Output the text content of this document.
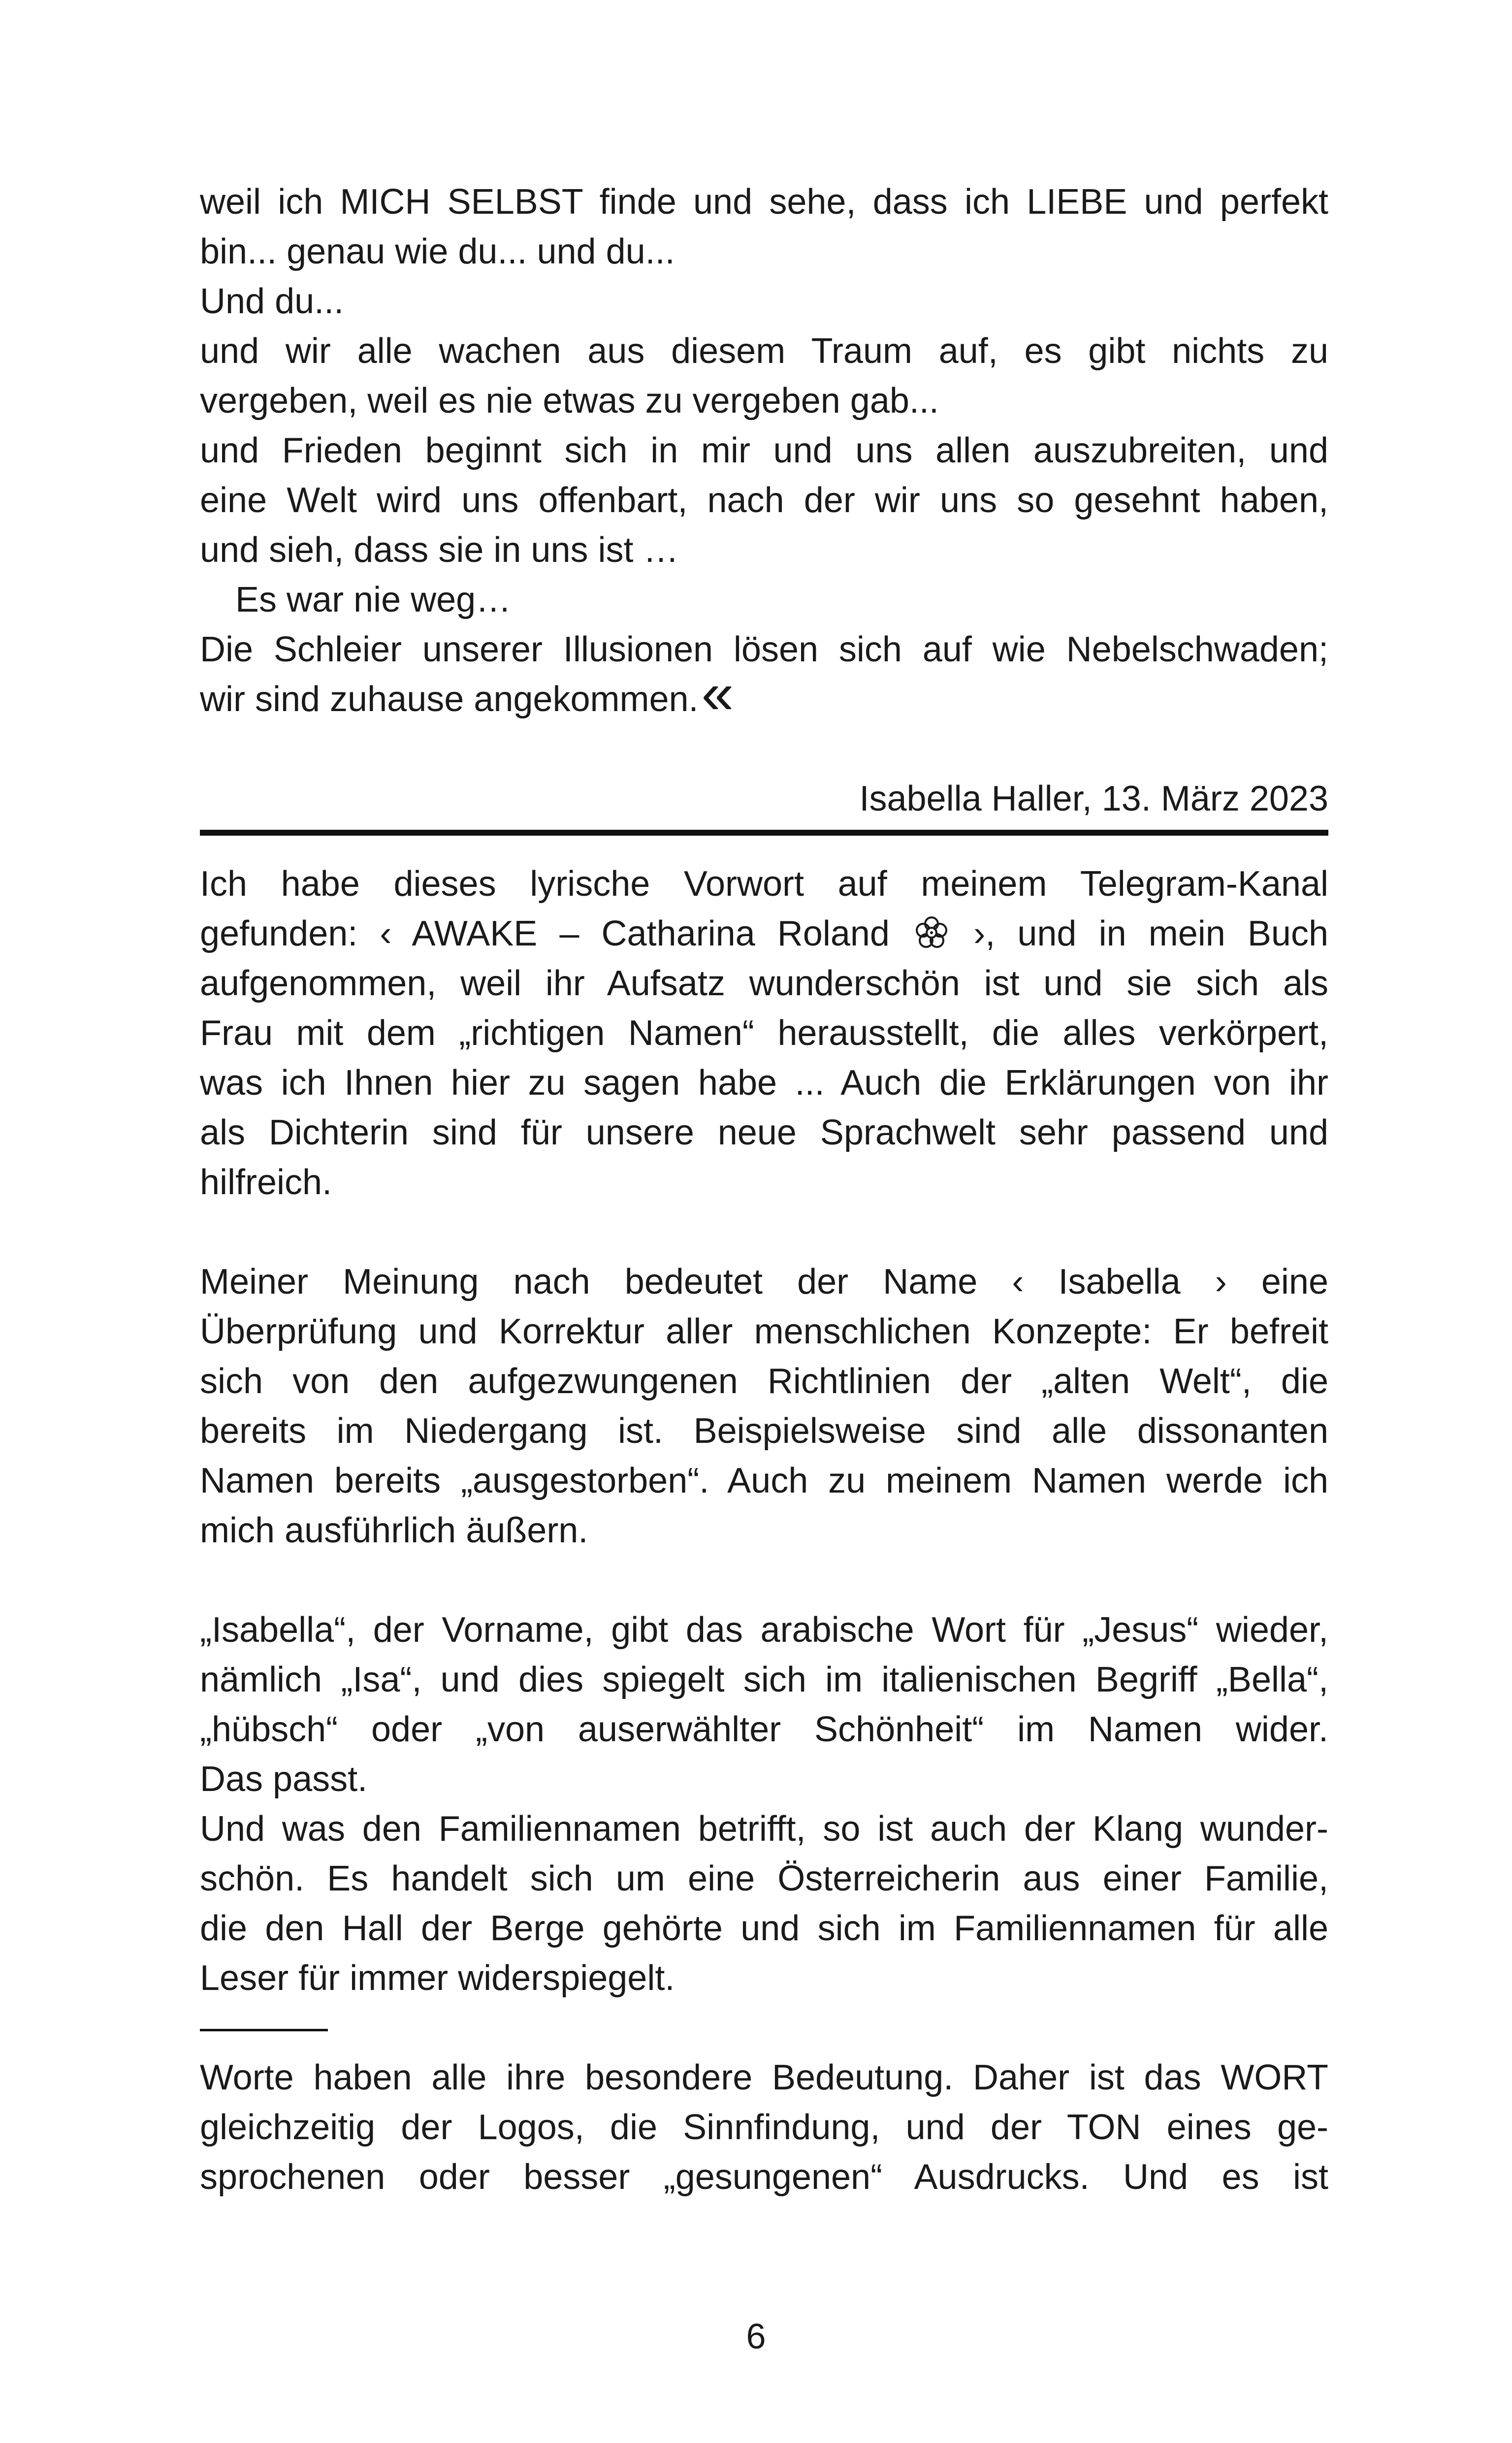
weil ich MICH SELBST finde und sehe, dass ich LIEBE und perfekt
bin... genau wie du... und du...
Und du...
und wir alle wachen aus diesem Traum auf, es gibt nichts zu
vergeben, weil es nie etwas zu vergeben gab...
und Frieden beginnt sich in mir und uns allen auszubreiten, und
eine Welt wird uns offenbart, nach der wir uns so gesehnt haben,
und sieh, dass sie in uns ist …
Es war nie weg…
Die Schleier unserer Illusionen lösen sich auf wie Nebelschwaden;
wir sind zuhause angekommen.«
Isabella Haller, 13. März 2023
Ich habe dieses lyrische Vorwort auf meinem Telegram-Kanal
gefunden: ‹ AWAKE – Catharina Roland ›, und in mein Buch
aufgenommen, weil ihr Aufsatz wunderschön ist und sie sich als
Frau mit dem „richtigen Namen“ herausstellt, die alles verkörpert,
was ich Ihnen hier zu sagen habe ... Auch die Erklärungen von ihr
als Dichterin sind für unsere neue Sprachwelt sehr passend und
hilfreich.
Meiner Meinung nach bedeutet der Name ‹ Isabella › eine
Überprüfung und Korrektur aller menschlichen Konzepte: Er befreit
sich von den aufgezwungenen Richtlinien der „alten Welt“, die
bereits im Niedergang ist. Beispielsweise sind alle dissonanten
Namen bereits „ausgestorben“. Auch zu meinem Namen werde ich
mich ausführlich äußern.
„Isabella“, der Vorname, gibt das arabische Wort für „Jesus“ wieder,
nämlich „Isa“, und dies spiegelt sich im italienischen Begriff „Bella“,
„hübsch“ oder „von auserwählter Schönheit“ im Namen wider.
Das passt.
Und was den Familiennamen betrifft, so ist auch der Klang wunder-
schön. Es handelt sich um eine Österreicherin aus einer Familie,
die den Hall der Berge gehörte und sich im Familiennamen für alle
Leser für immer widerspiegelt.
Worte haben alle ihre besondere Bedeutung. Daher ist das WORT
gleichzeitig der Logos, die Sinnfindung, und der TON eines ge-
sprochenen oder besser „gesungenen“ Ausdrucks. Und es ist
6
